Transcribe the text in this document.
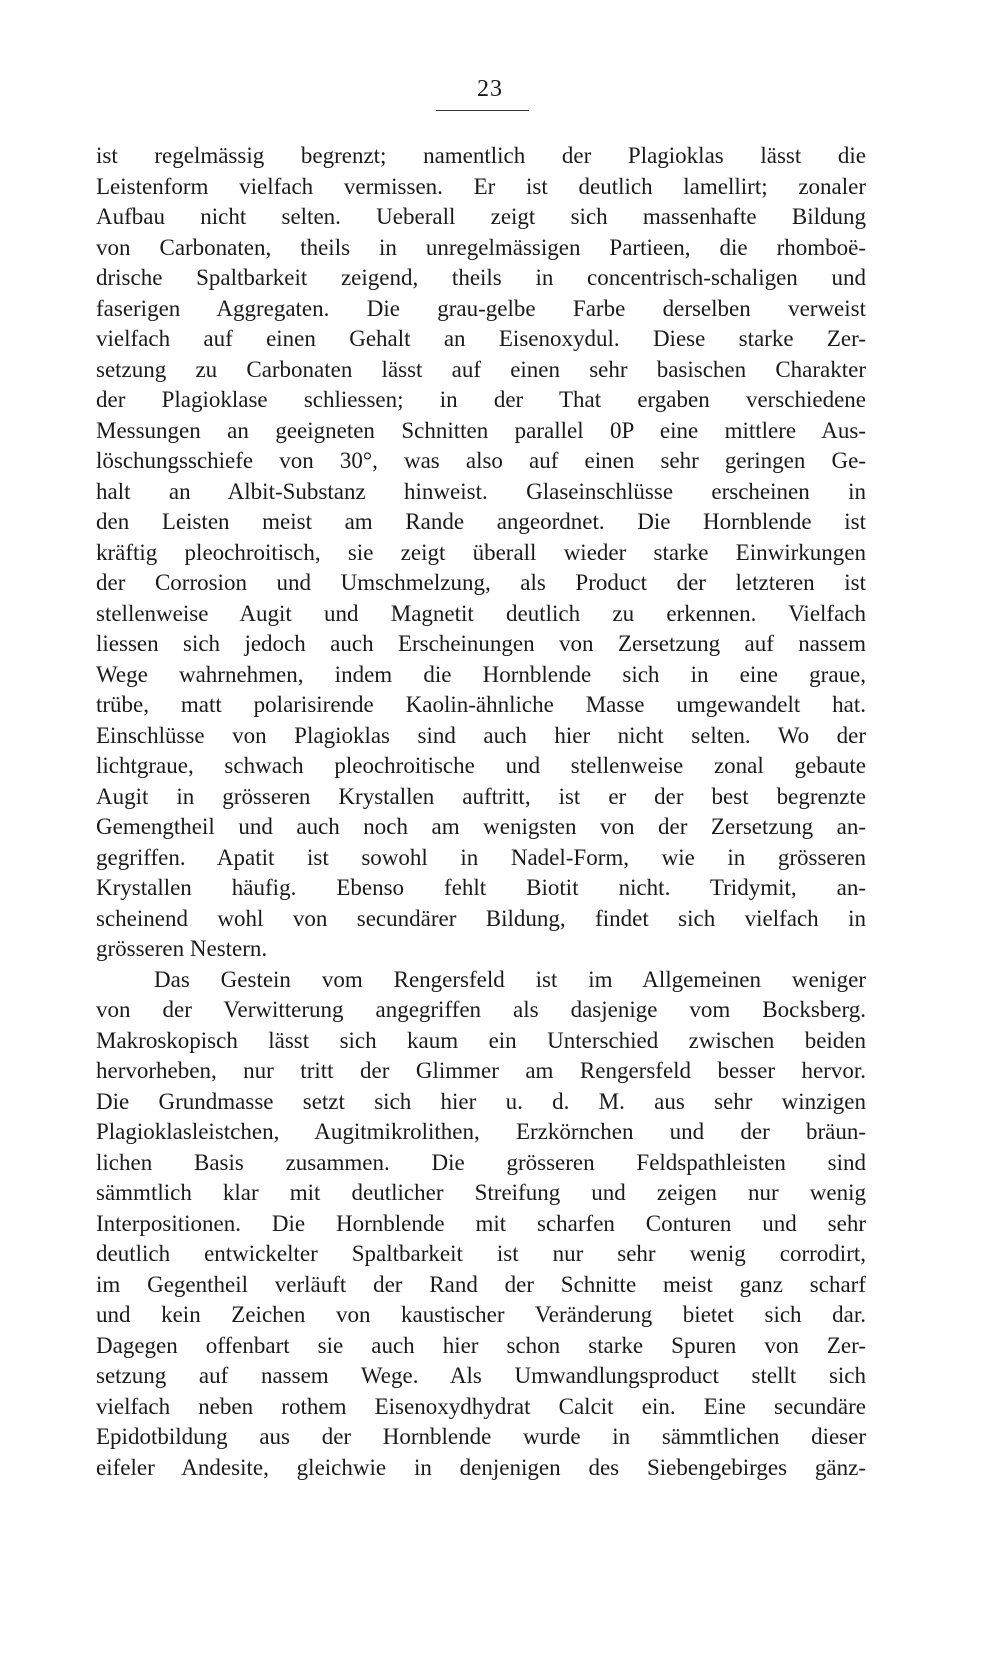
23
ist regelmässig begrenzt; namentlich der Plagioklas lässt die
Leistenform vielfach vermissen. Er ist deutlich lamellirt; zonaler
Aufbau nicht selten. Ueberall zeigt sich massenhafte Bildung
von Carbonaten, theils in unregelmässigen Partieen, die rhomboë-
drische Spaltbarkeit zeigend, theils in concentrisch-schaligen und
faserigen Aggregaten. Die grau-gelbe Farbe derselben verweist
vielfach auf einen Gehalt an Eisenoxydul. Diese starke Zer-
setzung zu Carbonaten lässt auf einen sehr basischen Charakter
der Plagioklase schliessen; in der That ergaben verschiedene
Messungen an geeigneten Schnitten parallel 0P eine mittlere Aus-
löschungsschiefe von 30°, was also auf einen sehr geringen Ge-
halt an Albit-Substanz hinweist. Glaseinschlüsse erscheinen in
den Leisten meist am Rande angeordnet. Die Hornblende ist
kräftig pleochroitisch, sie zeigt überall wieder starke Einwirkungen
der Corrosion und Umschmelzung, als Product der letzteren ist
stellenweise Augit und Magnetit deutlich zu erkennen. Vielfach
liessen sich jedoch auch Erscheinungen von Zersetzung auf nassem
Wege wahrnehmen, indem die Hornblende sich in eine graue,
trübe, matt polarisirende Kaolin-ähnliche Masse umgewandelt hat.
Einschlüsse von Plagioklas sind auch hier nicht selten. Wo der
lichtgraue, schwach pleochroitische und stellenweise zonal gebaute
Augit in grösseren Krystallen auftritt, ist er der best begrenzte
Gemengtheil und auch noch am wenigsten von der Zersetzung an-
gegriffen. Apatit ist sowohl in Nadel-Form, wie in grösseren
Krystallen häufig. Ebenso fehlt Biotit nicht. Tridymit, an-
scheinend wohl von secundärer Bildung, findet sich vielfach in
grösseren Nestern.
Das Gestein vom Rengersfeld ist im Allgemeinen weniger
von der Verwitterung angegriffen als dasjenige vom Bocksberg.
Makroskopisch lässt sich kaum ein Unterschied zwischen beiden
hervorheben, nur tritt der Glimmer am Rengersfeld besser hervor.
Die Grundmasse setzt sich hier u. d. M. aus sehr winzigen
Plagioklasleistchen, Augitmikrolithen, Erzkörnchen und der bräun-
lichen Basis zusammen. Die grösseren Feldspathleisten sind
sämmtlich klar mit deutlicher Streifung und zeigen nur wenig
Interpositionen. Die Hornblende mit scharfen Conturen und sehr
deutlich entwickelter Spaltbarkeit ist nur sehr wenig corrodirt,
im Gegentheil verläuft der Rand der Schnitte meist ganz scharf
und kein Zeichen von kaustischer Veränderung bietet sich dar.
Dagegen offenbart sie auch hier schon starke Spuren von Zer-
setzung auf nassem Wege. Als Umwandlungsproduct stellt sich
vielfach neben rothem Eisenoxydhydrat Calcit ein. Eine secundäre
Epidotbildung aus der Hornblende wurde in sämmtlichen dieser
eifeler Andesite, gleichwie in denjenigen des Siebengebirges gänz-
